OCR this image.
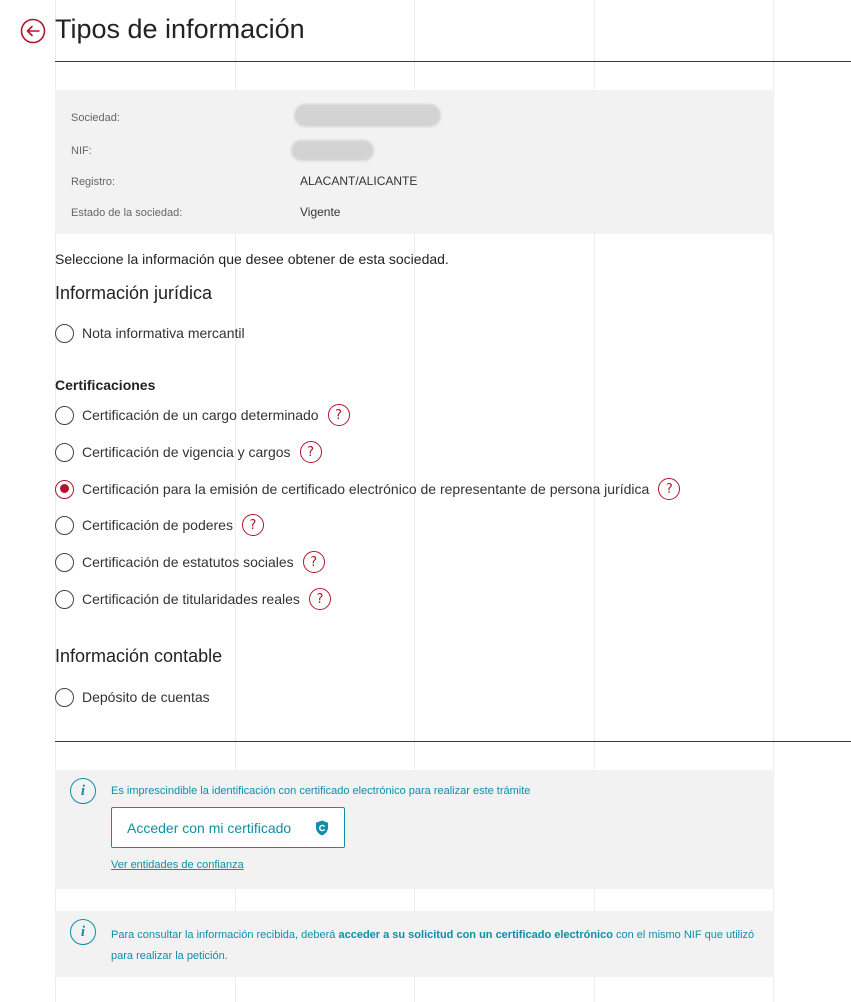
Tipos de información
Sociedad:
NIF:
Registro:	ALACANT/ALICANTE
Estado de la sociedad:	Vigente
Seleccione la información que desee obtener de esta sociedad.
Información jurídica
Nota informativa mercantil
Certificaciones
Certificación de un cargo determinado	?
Certificación de vigencia y cargos	?
Certificación para la emisión de certificado electrónico de representante de persona jurídica	?
Certificación de poderes	?
Certificación de estatutos sociales	?
Certificación de titularidades reales	?
Información contable
Depósito de cuentas
i	Es imprescindible la identificación con certificado electrónico para realizar este trámite
Acceder con mi certificado
Ver entidades de confianza
i	Para consultar la información recibida, deberá acceder a su solicitud con un certificado electrónico con el mismo NIF que utilizó para realizar la petición.
